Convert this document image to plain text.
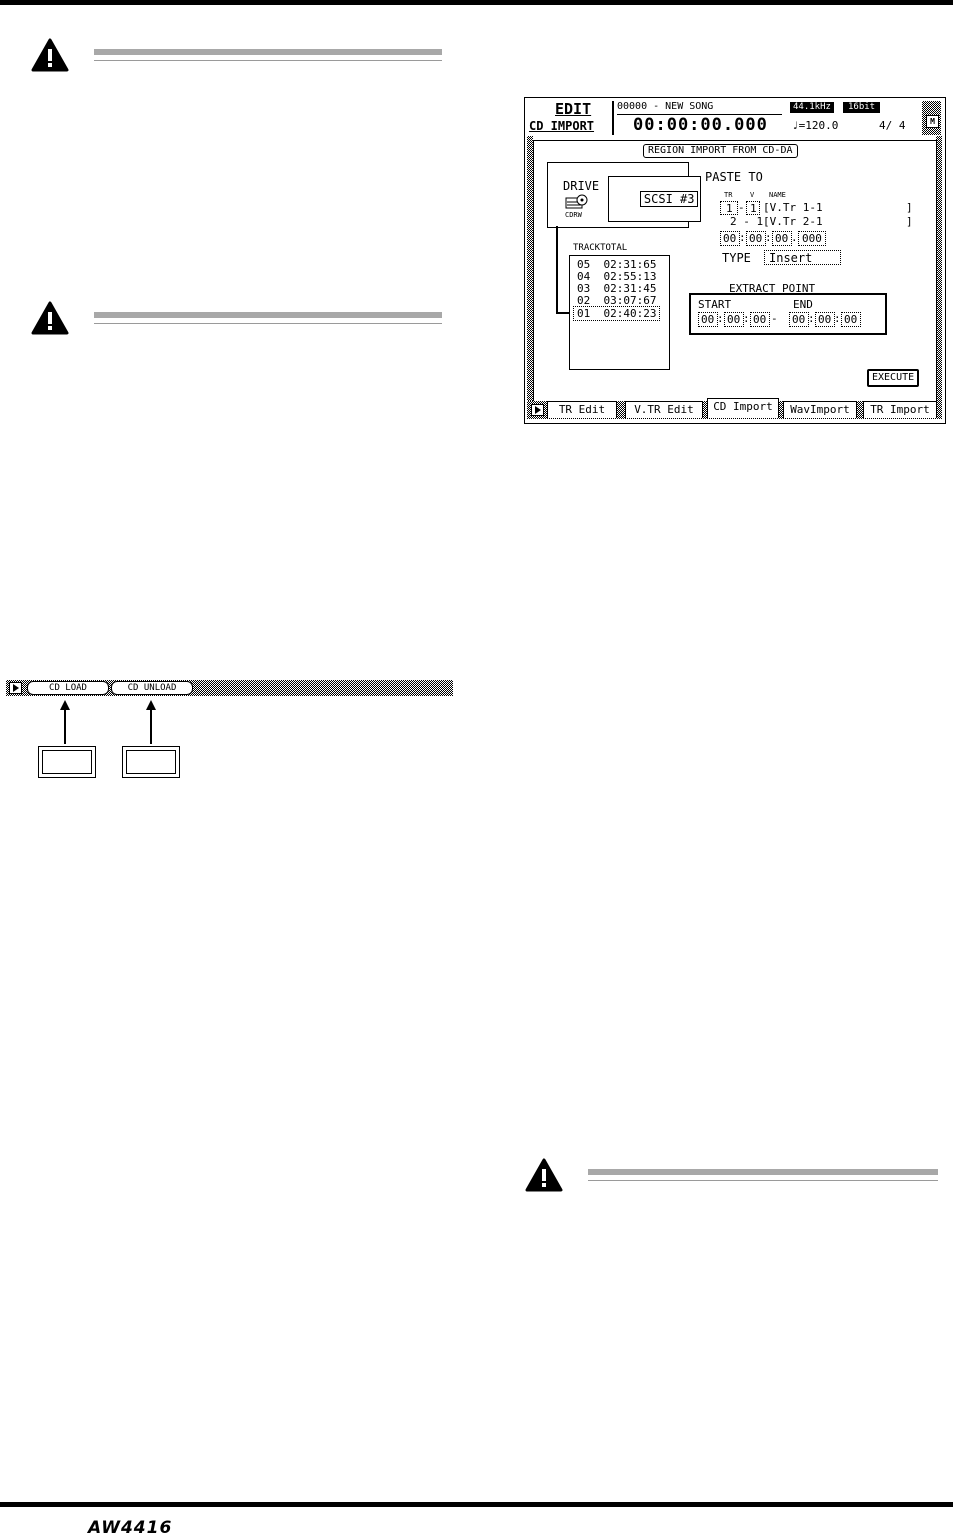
EDIT
CD IMPORT
00000 - NEW SONG
00:00:00.000
44.1kHz	16bit
♩=120.0	4/ 4	M
REGION IMPORT FROM CD-DA
DRIVE

SCSI #3

CDRW
TRACKTOTAL
05 02:31:65
04 02:55:13
03 02:31:45
02 03:07:67
01 02:40:23
PASTE TO
TR	V NAME
1 - 1 [V.Tr 1-1	]
2 - 1 [V.Tr 2-1	]
00 : 00 : 00 . 000
TYPE Insert
EXTRACT POINT
START	END
00 : 00 : 00 - 00 : 00 : 00
EXECUTE
TR Edit	V.TR Edit	CD Import	WavImport	TR Import
CD LOAD	CD UNLOAD
AW4416
